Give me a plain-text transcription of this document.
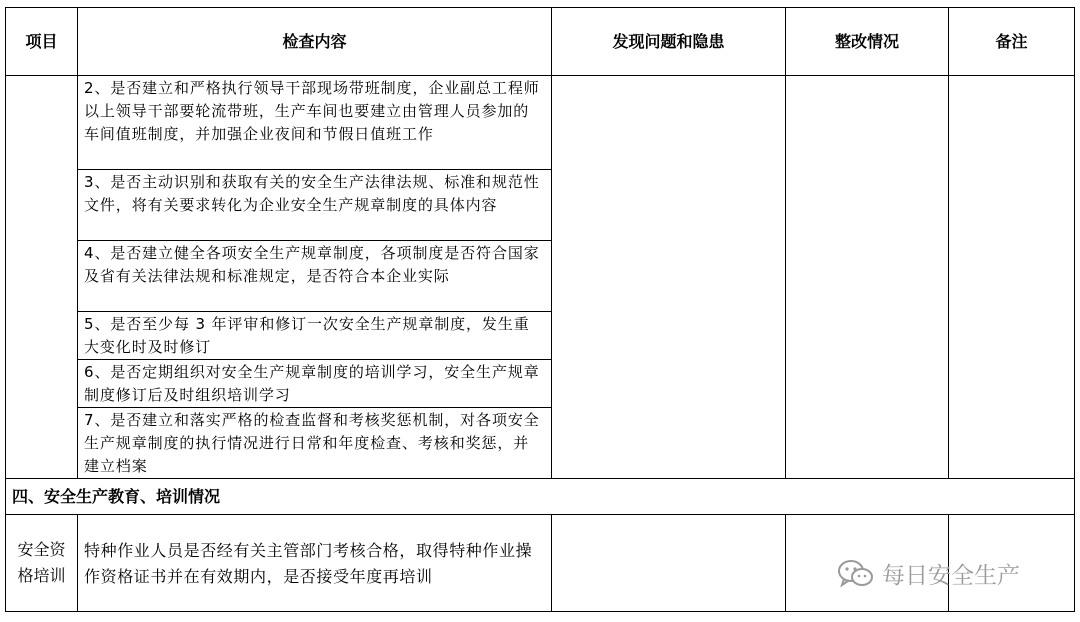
项目	检查内容	发现问题和隐患	整改情况	备注
	2、是否建立和严格执行领导干部现场带班制度，企业副总工程师以上领导干部要轮流带班，生产车间也要建立由管理人员参加的车间值班制度，并加强企业夜间和节假日值班工作			
	3、是否主动识别和获取有关的安全生产法律法规、标准和规范性文件，将有关要求转化为企业安全生产规章制度的具体内容			
	4、是否建立健全各项安全生产规章制度，各项制度是否符合国家及省有关法律法规和标准规定，是否符合本企业实际			
	5、是否至少每 3 年评审和修订一次安全生产规章制度，发生重大变化时及时修订			
	6、是否定期组织对安全生产规章制度的培训学习，安全生产规章制度修订后及时组织培训学习			
	7、是否建立和落实严格的检查监督和考核奖惩机制，对各项安全生产规章制度的执行情况进行日常和年度检查、考核和奖惩，并建立档案			
四、安全生产教育、培训情况				
安全资格培训	特种作业人员是否经有关主管部门考核合格，取得特种作业操作资格证书并在有效期内，是否接受年度再培训				每日安全生产
